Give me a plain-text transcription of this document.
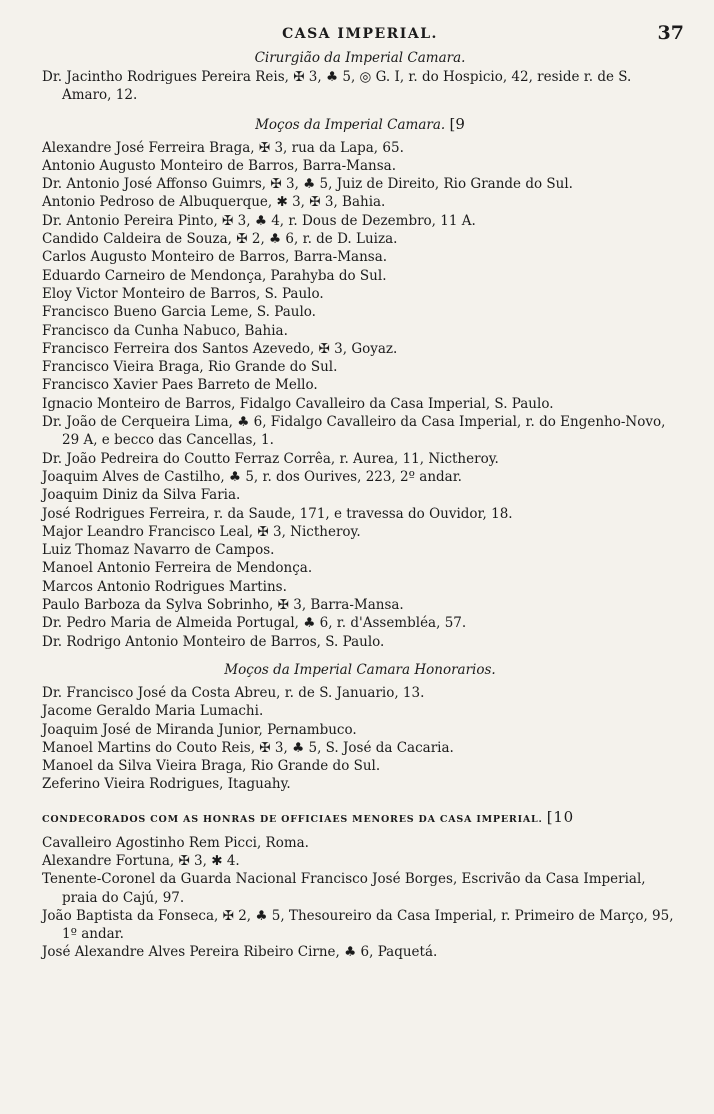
CASA IMPERIAL.	37

Cirurgião da Imperial Camara.

Dr. Jacintho Rodrigues Pereira Reis, ✠ 3, ♣ 5, ◎ G. I, r. do Hospicio, 42, reside r. de S. Amaro, 12.

Moços da Imperial Camara. [9

Alexandre José Ferreira Braga, ✠ 3, rua da Lapa, 65.

Antonio Augusto Monteiro de Barros, Barra-Mansa.

Dr. Antonio José Affonso Guimrs, ✠ 3, ♣ 5, Juiz de Direito, Rio Grande do Sul.

Antonio Pedroso de Albuquerque, ✱ 3, ✠ 3, Bahia.

Dr. Antonio Pereira Pinto, ✠ 3, ♣ 4, r. Dous de Dezembro, 11 A.

Candido Caldeira de Souza, ✠ 2, ♣ 6, r. de D. Luiza.

Carlos Augusto Monteiro de Barros, Barra-Mansa.

Eduardo Carneiro de Mendonça, Parahyba do Sul.

Eloy Victor Monteiro de Barros, S. Paulo.

Francisco Bueno Garcia Leme, S. Paulo.

Francisco da Cunha Nabuco, Bahia.

Francisco Ferreira dos Santos Azevedo, ✠ 3, Goyaz.

Francisco Vieira Braga, Rio Grande do Sul.

Francisco Xavier Paes Barreto de Mello.

Ignacio Monteiro de Barros, Fidalgo Cavalleiro da Casa Imperial, S. Paulo.

Dr. João de Cerqueira Lima, ♣ 6, Fidalgo Cavalleiro da Casa Imperial, r. do Engenho-Novo, 29 A, e becco das Cancellas, 1.

Dr. João Pedreira do Coutto Ferraz Corrêa, r. Aurea, 11, Nictheroy.

Joaquim Alves de Castilho, ♣ 5, r. dos Ourives, 223, 2º andar.

Joaquim Diniz da Silva Faria.

José Rodrigues Ferreira, r. da Saude, 171, e travessa do Ouvidor, 18.

Major Leandro Francisco Leal, ✠ 3, Nictheroy.

Luiz Thomaz Navarro de Campos.

Manoel Antonio Ferreira de Mendonça.

Marcos Antonio Rodrigues Martins.

Paulo Barboza da Sylva Sobrinho, ✠ 3, Barra-Mansa.

Dr. Pedro Maria de Almeida Portugal, ♣ 6, r. d'Assembléa, 57.

Dr. Rodrigo Antonio Monteiro de Barros, S. Paulo.

Moços da Imperial Camara Honorarios.

Dr. Francisco José da Costa Abreu, r. de S. Januario, 13.

Jacome Geraldo Maria Lumachi.

Joaquim José de Miranda Junior, Pernambuco.

Manoel Martins do Couto Reis, ✠ 3, ♣ 5, S. José da Cacaria.

Manoel da Silva Vieira Braga, Rio Grande do Sul.

Zeferino Vieira Rodrigues, Itaguahy.

CONDECORADOS COM AS HONRAS DE OFFICIAES MENORES DA CASA IMPERIAL. [10

Cavalleiro Agostinho Rem Picci, Roma.

Alexandre Fortuna, ✠ 3, ✱ 4.

Tenente-Coronel da Guarda Nacional Francisco José Borges, Escrivão da Casa Imperial, praia do Cajú, 97.

João Baptista da Fonseca, ✠ 2, ♣ 5, Thesoureiro da Casa Imperial, r. Primeiro de Março, 95, 1º andar.

José Alexandre Alves Pereira Ribeiro Cirne, ♣ 6, Paquetá.
